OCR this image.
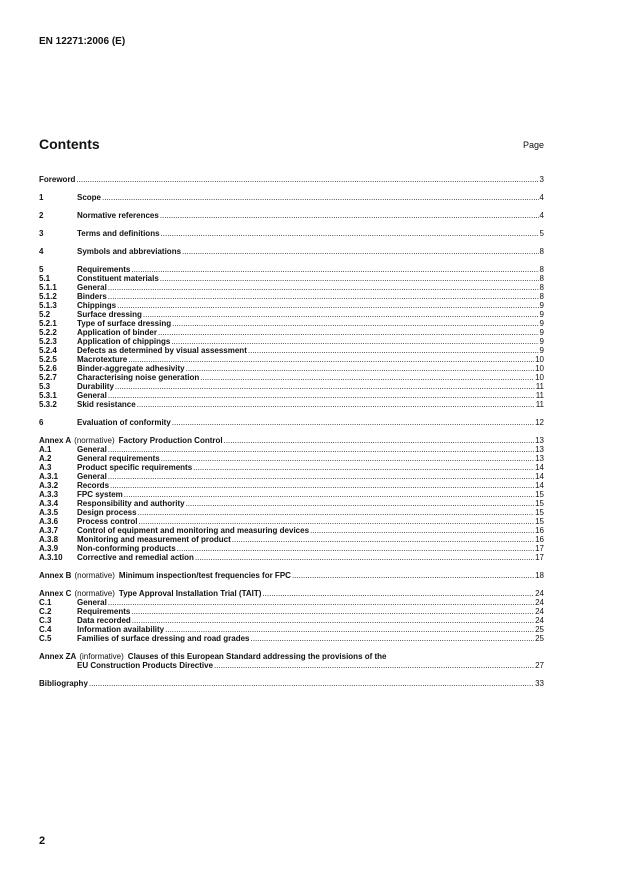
EN 12271:2006 (E)
Contents	Page
Foreword .....	3
1	Scope .....	4
2	Normative references .....	4
3	Terms and definitions .....	5
4	Symbols and abbreviations .....	8
5	Requirements .....	8
5.1	Constituent materials .....	8
5.1.1	General .....	8
5.1.2	Binders .....	8
5.1.3	Chippings .....	9
5.2	Surface dressing .....	9
5.2.1	Type of surface dressing .....	9
5.2.2	Application of binder .....	9
5.2.3	Application of chippings .....	9
5.2.4	Defects as determined by visual assessment .....	9
5.2.5	Macrotexture .....	10
5.2.6	Binder-aggregate adhesivity .....	10
5.2.7	Characterising noise generation .....	10
5.3	Durability .....	11
5.3.1	General .....	11
5.3.2	Skid resistance .....	11
6	Evaluation of conformity .....	12
Annex A (normative) Factory Production Control .....	13
A.1	General .....	13
A.2	General requirements .....	13
A.3	Product specific requirements .....	14
A.3.1	General .....	14
A.3.2	Records .....	14
A.3.3	FPC system .....	15
A.3.4	Responsibility and authority .....	15
A.3.5	Design process .....	15
A.3.6	Process control .....	15
A.3.7	Control of equipment and monitoring and measuring devices .....	16
A.3.8	Monitoring and measurement of product .....	16
A.3.9	Non-conforming products .....	17
A.3.10	Corrective and remedial action .....	17
Annex B (normative) Minimum inspection/test frequencies for FPC .....	18
Annex C (normative) Type Approval Installation Trial (TAIT) .....	24
C.1	General .....	24
C.2	Requirements .....	24
C.3	Data recorded .....	24
C.4	Information availability .....	25
C.5	Families of surface dressing and road grades .....	25
Annex ZA (informative) Clauses of this European Standard addressing the provisions of the
EU Construction Products Directive .....	27
Bibliography .....	33
2
